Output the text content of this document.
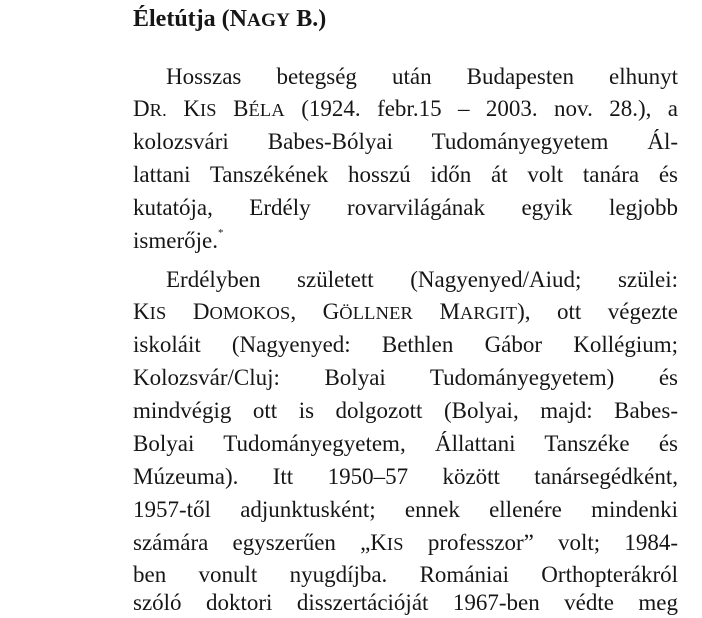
Életútja (NAGY B.)
Hosszas betegség után Budapesten elhunyt
DR. KIS BÉLA (1924. febr.15 – 2003. nov. 28.), a
kolozsvári Babes-Bólyai Tudományegyetem Ál-
lattani Tanszékének hosszú időn át volt tanára és
kutatója, Erdély rovarvilágának egyik legjobb
ismerője.*
Erdélyben született (Nagyenyed/Aiud; szülei:
KIS DOMOKOS, GÖLLNER MARGIT), ott végezte
iskoláit (Nagyenyed: Bethlen Gábor Kollégium;
Kolozsvár/Cluj: Bolyai Tudományegyetem) és
mindvégig ott is dolgozott (Bolyai, majd: Babes-
Bolyai Tudományegyetem, Állattani Tanszéke és
Múzeuma). Itt 1950–57 között tanársegédként,
1957-től adjunktusként; ennek ellenére mindenki
számára egyszerűen „KIS professzor” volt; 1984-
ben vonult nyugdíjba. Romániai Orthopterákról
szóló doktori disszertációját 1967-ben védte meg
